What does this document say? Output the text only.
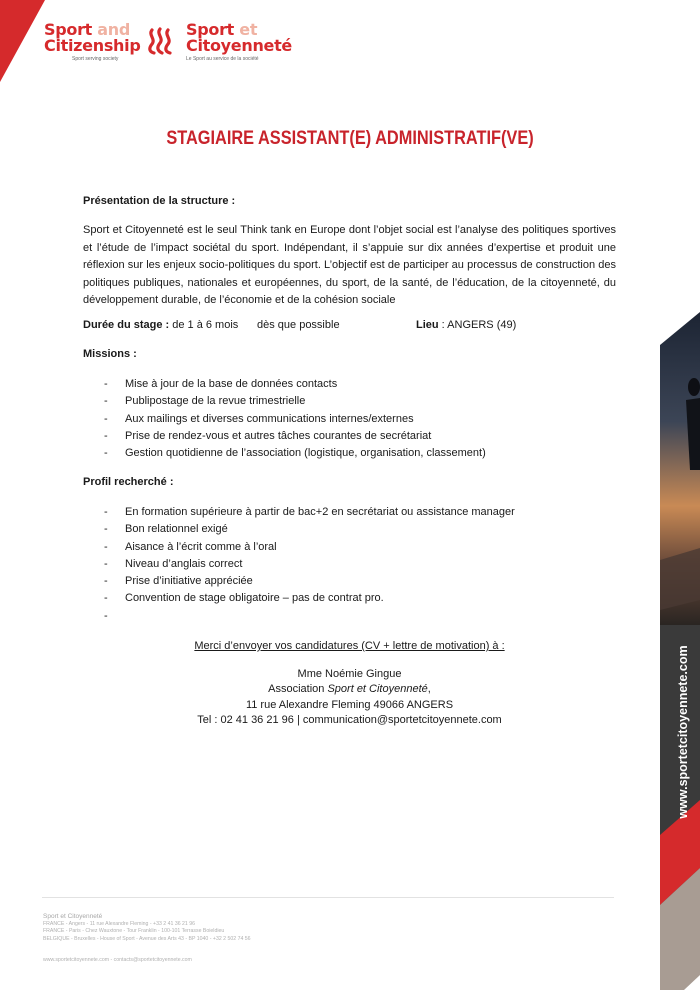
Sport and
Citizenship
Sport serving society
Sport et
Citoyenneté
Le Sport au service de la société
STAGIAIRE ASSISTANT(E) ADMINISTRATIF(VE)
Présentation de la structure :
Sport et Citoyenneté est le seul Think tank en Europe dont l’objet social est l’analyse des politiques sportives et l’étude de l’impact sociétal du sport. Indépendant, il s’appuie sur dix années d’expertise et produit une réflexion sur les enjeux socio-politiques du sport. L’objectif est de participer au processus de construction des politiques publiques, nationales et européennes, du sport, de la santé, de l’éducation, de la citoyenneté, du développement durable, de l’économie et de la cohésion sociale
Durée du stage : de 1 à 6 mois dès que possible	Lieu : ANGERS (49)
Missions :
- Mise à jour de la base de données contacts
- Publipostage de la revue trimestrielle
- Aux mailings et diverses communications internes/externes
- Prise de rendez-vous et autres tâches courantes de secrétariat
- Gestion quotidienne de l’association (logistique, organisation, classement)
Profil recherché :
- En formation supérieure à partir de bac+2 en secrétariat ou assistance manager
- Bon relationnel exigé
- Aisance à l’écrit comme à l’oral
- Niveau d’anglais correct
- Prise d’initiative appréciée
- Convention de stage obligatoire – pas de contrat pro.
-
Merci d’envoyer vos candidatures (CV + lettre de motivation) à :
Mme Noémie Gingue
Association Sport et Citoyenneté,
11 rue Alexandre Fleming 49066 ANGERS
Tel : 02 41 36 21 96 | communication@sportetcitoyennete.com	www.sportetcitoyennete.com
Sport et Citoyenneté
FRANCE - Angers - 11 rue Alexandre Fleming - +33 2 41 36 21 96
FRANCE - Paris - Chez Wauxtone - Tour Franklin - 100-101 Terrasse Boieldieu
BELGIQUE - Bruxelles - House of Sport - Avenue des Arts 43 - BP 1040 - +32 2 502 74 56
www.sportetcitoyennete.com - contacts@sportetcitoyennete.com
